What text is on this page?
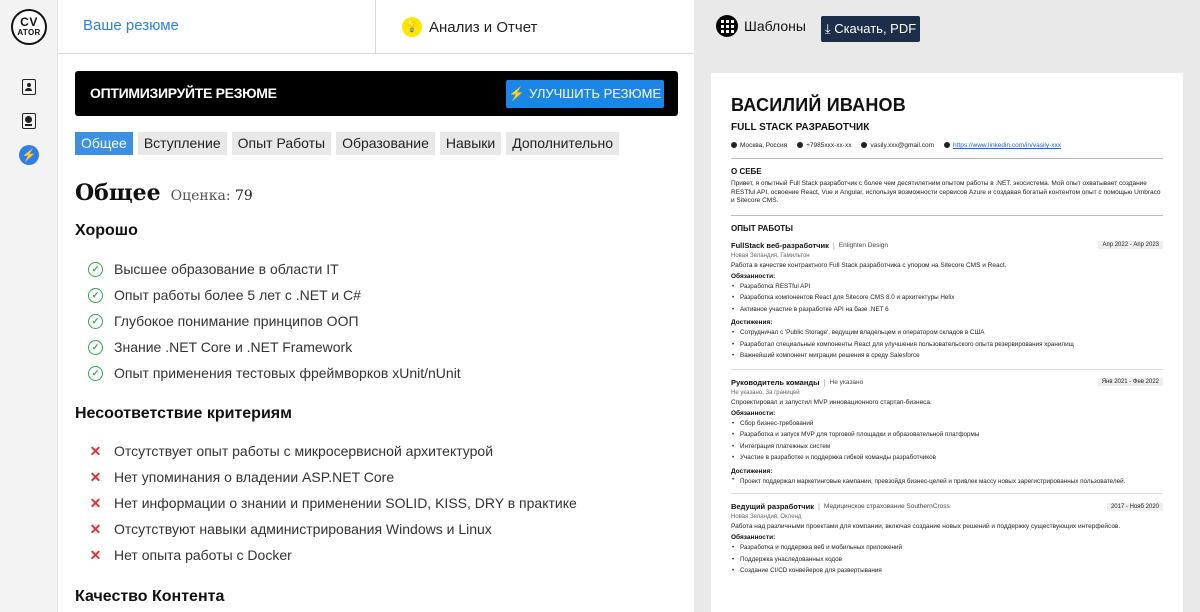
CV
ATOR
⚡
Ваше резюме	💡 Анализ и Отчет
ОПТИМИЗИРУЙТЕ РЕЗЮМЕ	⚡ УЛУЧШИТЬ РЕЗЮМЕ
Общее	Вступление	Опыт Работы	Образование	Навыки	Дополнительно
Общее Оценка: 79
Хорошо
✓ Высшее образование в области IT
✓ Опыт работы более 5 лет с .NET и C#
✓ Глубокое понимание принципов ООП
✓ Знание .NET Core и .NET Framework
✓ Опыт применения тестовых фреймворков xUnit/nUnit
Несоответствие критериям
✕ Отсутствует опыт работы с микросервисной архитектурой
✕ Нет упоминания о владении ASP.NET Core
✕ Нет информации о знании и применении SOLID, KISS, DRY в практике
✕ Отсутствуют навыки администрирования Windows и Linux
✕ Нет опыта работы с Docker
Качество Контента
Шаблоны ⤓ Скачать, PDF
ВАСИЛИЙ ИВАНОВ
FULL STACK РАЗРАБОТЧИК
Москва, Россия	+7985xxx-xx-xx	vasily.xxx@gmail.com	https://www.linkedin.com/in/vasily-xxx
О СЕБЕ
Привет, я опытный Full Stack разработчик с более чем десятилетним опытом работы в .NET. экосистема. Мой опыт охватывает создание RESTful API, освоение React, Vue и Angular, используя возможности сервисов Azure и создавая богатый контентом опыт с помощью Umbraco и Sitecore CMS.
ОПЫТ РАБОТЫ
FullStack веб-разработчик | Enlighten Design	Апр 2022 - Апр 2023
Новая Зеландия, Гамильтон
Работа в качестве контрактного Full Stack разработчика с упором на Sitecore CMS и React.
Обязанности:
• Разработка RESTful API
• Разработка компонентов React для Sitecore CMS 8.0 и архитектуры Helix
• Активное участие в разработке API на базе .NET 6
Достижения:
• Сотрудничал с 'Public Storage', ведущим владельцем и оператором складов в США
• Разработал специальные компоненты React для улучшения пользовательского опыта резервирования хранилищ
• Важнейший компонент миграции решения в среду Salesforce
Руководитель команды | Не указано	Янв 2021 - Фев 2022
Не указано, За границей
Спроектировал и запустил MVP инновационного стартап-бизнеса.
Обязанности:
• Сбор бизнес-требований
• Разработка и запуск MVP для торговой площадки и образовательной платформы
• Интеграция платежных систем
• Участие в разработке и поддержка гибкой команды разработчиков
Достижения:
• Проект поддержал маркетинговые кампании, превзойдя бизнес-целей и привлек массу новых зарегистрированных пользователей.
Ведущий разработчик | Медицинское страхование SouthernCross	2017 - Нояб 2020
Новая Зеландия, Окленд
Работа над различными проектами для компании, включая создание новых решений и поддержку существующих интерфейсов.
Обязанности:
• Разработка и поддержка веб и мобильных приложений
• Поддержка унаследованных кодов
• Создание CI/CD конвейеров для развертывания
